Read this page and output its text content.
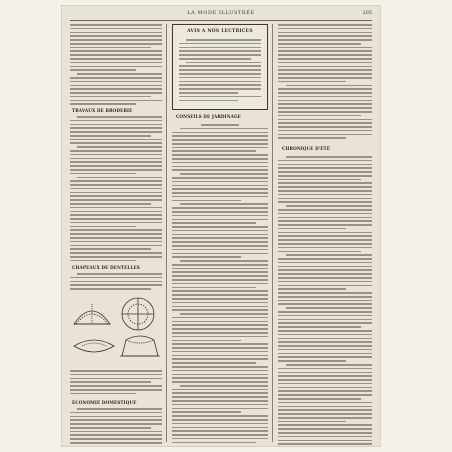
LA MODE ILLUSTRÉE	205
TRAVAUX DE BRODERIE
CHAPEAUX DE DENTELLES
ÉCONOMIE DOMESTIQUE
AVIS A NOS LECTRICES
CONSEILS DE JARDINAGE
CHRONIQUE D'ÉTÉ
